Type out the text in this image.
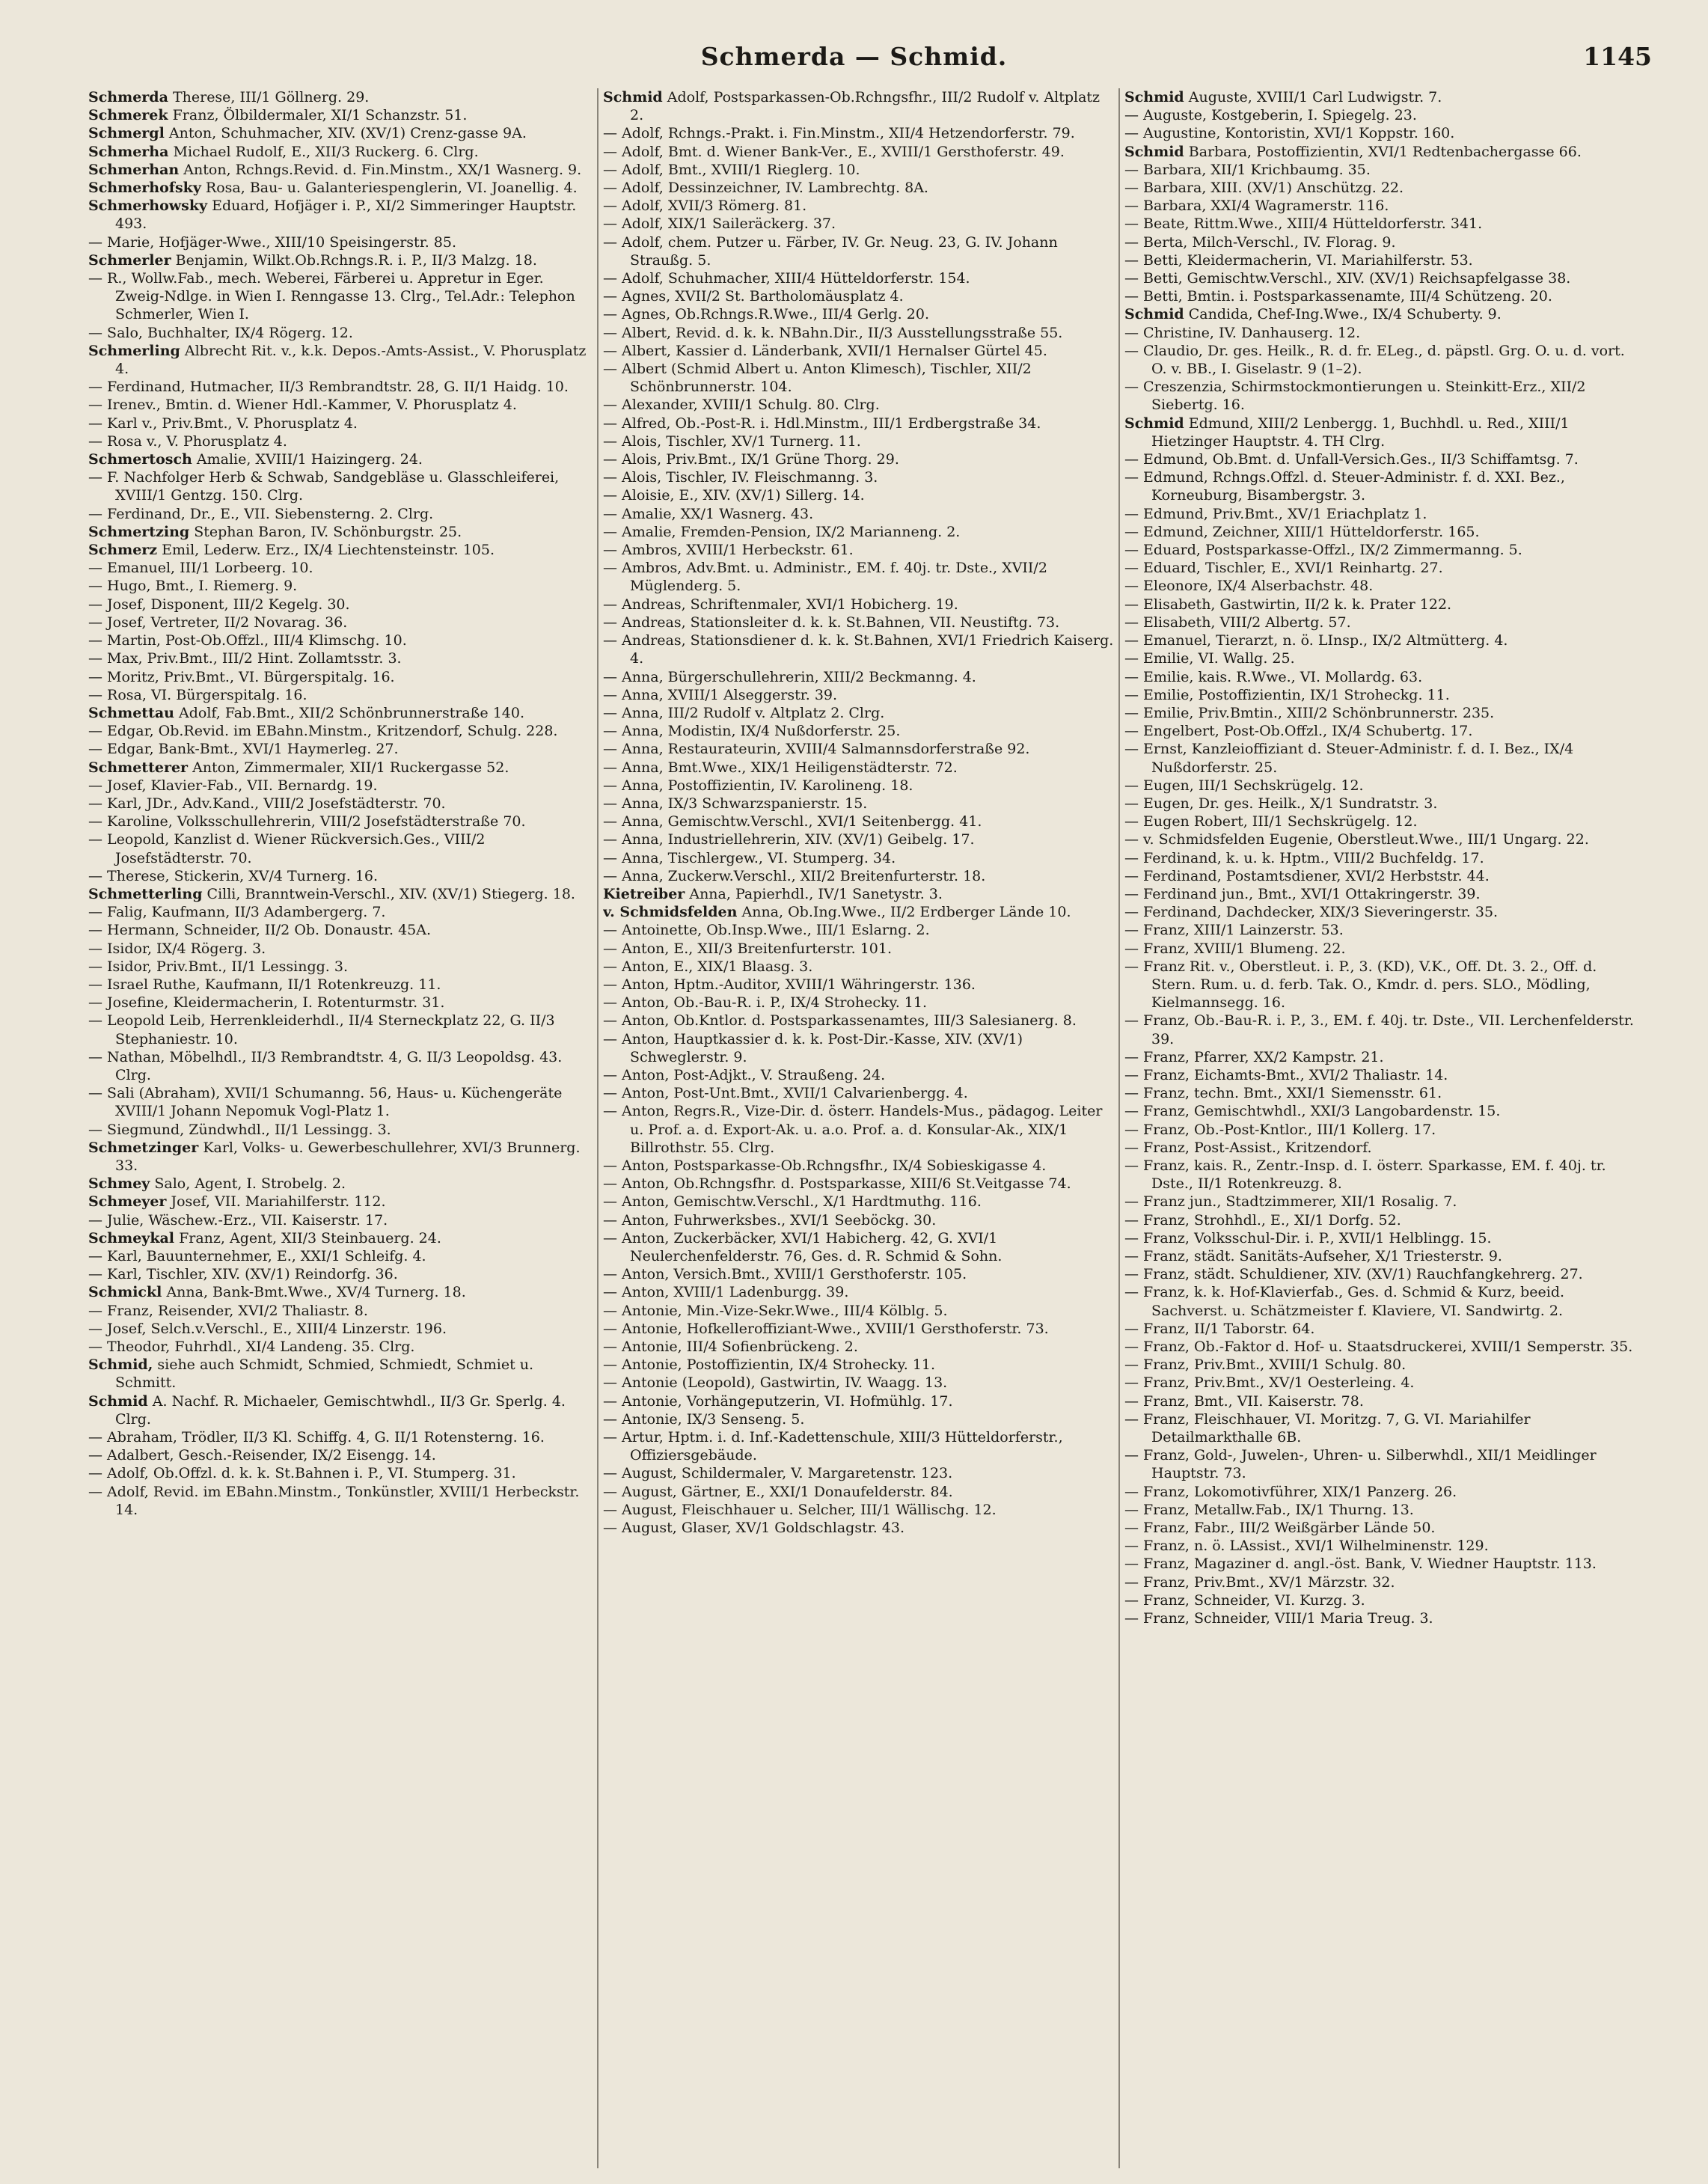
Schmerda — Schmid.	1145

Schmerda Therese, III/1 Göllnerg. 29.

Schmerek Franz, Ölbildermaler, XI/1 Schanzstr. 51.

Schmergl Anton, Schuhmacher, XIV. (XV/1) Crenz-gasse 9A.

Schmerha Michael Rudolf, E., XII/3 Ruckerg. 6. Clrg.

Schmerhan Anton, Rchngs.Revid. d. Fin.Minstm., XX/1 Wasnerg. 9.

Schmerhofsky Rosa, Bau- u. Galanteriespenglerin, VI. Joanellig. 4.

Schmerhowsky Eduard, Hofjäger i. P., XI/2 Simmeringer Hauptstr. 493.

— Marie, Hofjäger-Wwe., XIII/10 Speisingerstr. 85.

Schmerler Benjamin, Wilkt.Ob.Rchngs.R. i. P., II/3 Malzg. 18.

— R., Wollw.Fab., mech. Weberei, Färberei u. Appretur in Eger. Zweig-Ndlge. in Wien I. Renngasse 13. Clrg., Tel.Adr.: Telephon Schmerler, Wien I.

— Salo, Buchhalter, IX/4 Rögerg. 12.

Schmerling Albrecht Rit. v., k.k. Depos.-Amts-Assist., V. Phorusplatz 4.

— Ferdinand, Hutmacher, II/3 Rembrandtstr. 28, G. II/1 Haidg. 10.

— Irenev., Bmtin. d. Wiener Hdl.-Kammer, V. Phorusplatz 4.

— Karl v., Priv.Bmt., V. Phorusplatz 4.

— Rosa v., V. Phorusplatz 4.

Schmertosch Amalie, XVIII/1 Haizingerg. 24.

— F. Nachfolger Herb & Schwab, Sandgebläse u. Glasschleiferei, XVIII/1 Gentzg. 150. Clrg.

— Ferdinand, Dr., E., VII. Siebensterng. 2. Clrg.

Schmertzing Stephan Baron, IV. Schönburgstr. 25.

Schmerz Emil, Lederw. Erz., IX/4 Liechtensteinstr. 105.

— Emanuel, III/1 Lorbeerg. 10.

— Hugo, Bmt., I. Riemerg. 9.

— Josef, Disponent, III/2 Kegelg. 30.

— Josef, Vertreter, II/2 Novarag. 36.

— Martin, Post-Ob.Offzl., III/4 Klimschg. 10.

— Max, Priv.Bmt., III/2 Hint. Zollamtsstr. 3.

— Moritz, Priv.Bmt., VI. Bürgerspitalg. 16.

— Rosa, VI. Bürgerspitalg. 16.

Schmettau Adolf, Fab.Bmt., XII/2 Schönbrunnerstraße 140.

— Edgar, Ob.Revid. im EBahn.Minstm., Kritzendorf, Schulg. 228.

— Edgar, Bank-Bmt., XVI/1 Haymerleg. 27.

Schmetterer Anton, Zimmermaler, XII/1 Ruckergasse 52.

— Josef, Klavier-Fab., VII. Bernardg. 19.

— Karl, JDr., Adv.Kand., VIII/2 Josefstädterstr. 70.

— Karoline, Volksschullehrerin, VIII/2 Josefstädterstraße 70.

— Leopold, Kanzlist d. Wiener Rückversich.Ges., VIII/2 Josefstädterstr. 70.

— Therese, Stickerin, XV/4 Turnerg. 16.

Schmetterling Cilli, Branntwein-Verschl., XIV. (XV/1) Stiegerg. 18.

— Falig, Kaufmann, II/3 Adambergerg. 7.

— Hermann, Schneider, II/2 Ob. Donaustr. 45A.

— Isidor, IX/4 Rögerg. 3.

— Isidor, Priv.Bmt., II/1 Lessingg. 3.

— Israel Ruthe, Kaufmann, II/1 Rotenkreuzg. 11.

— Josefine, Kleidermacherin, I. Rotenturmstr. 31.

— Leopold Leib, Herrenkleiderhdl., II/4 Sterneckplatz 22, G. II/3 Stephaniestr. 10.

— Nathan, Möbelhdl., II/3 Rembrandtstr. 4, G. II/3 Leopoldsg. 43. Clrg.

— Sali (Abraham), XVII/1 Schumanng. 56, Haus- u. Küchengeräte XVIII/1 Johann Nepomuk Vogl-Platz 1.

— Siegmund, Zündwhdl., II/1 Lessingg. 3.

Schmetzinger Karl, Volks- u. Gewerbeschullehrer, XVI/3 Brunnerg. 33.

Schmey Salo, Agent, I. Strobelg. 2.

Schmeyer Josef, VII. Mariahilferstr. 112.

— Julie, Wäschew.-Erz., VII. Kaiserstr. 17.

Schmeykal Franz, Agent, XII/3 Steinbauerg. 24.

— Karl, Bauunternehmer, E., XXI/1 Schleifg. 4.

— Karl, Tischler, XIV. (XV/1) Reindorfg. 36.

Schmickl Anna, Bank-Bmt.Wwe., XV/4 Turnerg. 18.

— Franz, Reisender, XVI/2 Thaliastr. 8.

— Josef, Selch.v.Verschl., E., XIII/4 Linzerstr. 196.

— Theodor, Fuhrhdl., XI/4 Landeng. 35. Clrg.

Schmid, siehe auch Schmidt, Schmied, Schmiedt, Schmiet u. Schmitt.

Schmid A. Nachf. R. Michaeler, Gemischtwhdl., II/3 Gr. Sperlg. 4. Clrg.

— Abraham, Trödler, II/3 Kl. Schiffg. 4, G. II/1 Rotensterng. 16.

— Adalbert, Gesch.-Reisender, IX/2 Eisengg. 14.

— Adolf, Ob.Offzl. d. k. k. St.Bahnen i. P., VI. Stumperg. 31.

— Adolf, Revid. im EBahn.Minstm., Tonkünstler, XVIII/1 Herbeckstr. 14.

Schmid Adolf, Postsparkassen-Ob.Rchngsfhr., III/2 Rudolf v. Altplatz 2.

— Adolf, Rchngs.-Prakt. i. Fin.Minstm., XII/4 Hetzendorferstr. 79.

— Adolf, Bmt. d. Wiener Bank-Ver., E., XVIII/1 Gersthoferstr. 49.

— Adolf, Bmt., XVIII/1 Rieglerg. 10.

— Adolf, Dessinzeichner, IV. Lambrechtg. 8A.

— Adolf, XVII/3 Römerg. 81.

— Adolf, XIX/1 Saileräckerg. 37.

— Adolf, chem. Putzer u. Färber, IV. Gr. Neug. 23, G. IV. Johann Straußg. 5.

— Adolf, Schuhmacher, XIII/4 Hütteldorferstr. 154.

— Agnes, XVII/2 St. Bartholomäusplatz 4.

— Agnes, Ob.Rchngs.R.Wwe., III/4 Gerlg. 20.

— Albert, Revid. d. k. k. NBahn.Dir., II/3 Ausstellungsstraße 55.

— Albert, Kassier d. Länderbank, XVII/1 Hernalser Gürtel 45.

— Albert (Schmid Albert u. Anton Klimesch), Tischler, XII/2 Schönbrunnerstr. 104.

— Alexander, XVIII/1 Schulg. 80. Clrg.

— Alfred, Ob.-Post-R. i. Hdl.Minstm., III/1 Erdbergstraße 34.

— Alois, Tischler, XV/1 Turnerg. 11.

— Alois, Priv.Bmt., IX/1 Grüne Thorg. 29.

— Alois, Tischler, IV. Fleischmanng. 3.

— Aloisie, E., XIV. (XV/1) Sillerg. 14.

— Amalie, XX/1 Wasnerg. 43.

— Amalie, Fremden-Pension, IX/2 Marianneng. 2.

— Ambros, XVIII/1 Herbeckstr. 61.

— Ambros, Adv.Bmt. u. Administr., EM. f. 40j. tr. Dste., XVII/2 Müglenderg. 5.

— Andreas, Schriftenmaler, XVI/1 Hobicherg. 19.

— Andreas, Stationsleiter d. k. k. St.Bahnen, VII. Neustiftg. 73.

— Andreas, Stationsdiener d. k. k. St.Bahnen, XVI/1 Friedrich Kaiserg. 4.

— Anna, Bürgerschullehrerin, XIII/2 Beckmanng. 4.

— Anna, XVIII/1 Alseggerstr. 39.

— Anna, III/2 Rudolf v. Altplatz 2. Clrg.

— Anna, Modistin, IX/4 Nußdorferstr. 25.

— Anna, Restaurateurin, XVIII/4 Salmannsdorferstraße 92.

— Anna, Bmt.Wwe., XIX/1 Heiligenstädterstr. 72.

— Anna, Postoffizientin, IV. Karolineng. 18.

— Anna, IX/3 Schwarzspanierstr. 15.

— Anna, Gemischtw.Verschl., XVI/1 Seitenbergg. 41.

— Anna, Industriellehrerin, XIV. (XV/1) Geibelg. 17.

— Anna, Tischlergew., VI. Stumperg. 34.

— Anna, Zuckerw.Verschl., XII/2 Breitenfurterstr. 18.

Kietreiber Anna, Papierhdl., IV/1 Sanetystr. 3.

v. Schmidsfelden Anna, Ob.Ing.Wwe., II/2 Erdberger Lände 10.

— Antoinette, Ob.Insp.Wwe., III/1 Eslarng. 2.

— Anton, E., XII/3 Breitenfurterstr. 101.

— Anton, E., XIX/1 Blaasg. 3.

— Anton, Hptm.-Auditor, XVIII/1 Währingerstr. 136.

— Anton, Ob.-Bau-R. i. P., IX/4 Strohecky. 11.

— Anton, Ob.Kntlor. d. Postsparkassenamtes, III/3 Salesianerg. 8.

— Anton, Hauptkassier d. k. k. Post-Dir.-Kasse, XIV. (XV/1) Schweglerstr. 9.

— Anton, Post-Adjkt., V. Straußeng. 24.

— Anton, Post-Unt.Bmt., XVII/1 Calvarienbergg. 4.

— Anton, Regrs.R., Vize-Dir. d. österr. Handels-Mus., pädagog. Leiter u. Prof. a. d. Export-Ak. u. a.o. Prof. a. d. Konsular-Ak., XIX/1 Billrothstr. 55. Clrg.

— Anton, Postsparkasse-Ob.Rchngsfhr., IX/4 Sobieskigasse 4.

— Anton, Ob.Rchngsfhr. d. Postsparkasse, XIII/6 St.Veitgasse 74.

— Anton, Gemischtw.Verschl., X/1 Hardtmuthg. 116.

— Anton, Fuhrwerksbes., XVI/1 Seeböckg. 30.

— Anton, Zuckerbäcker, XVI/1 Habicherg. 42, G. XVI/1 Neulerchenfelderstr. 76, Ges. d. R. Schmid & Sohn.

— Anton, Versich.Bmt., XVIII/1 Gersthoferstr. 105.

— Anton, XVIII/1 Ladenburgg. 39.

— Antonie, Min.-Vize-Sekr.Wwe., III/4 Kölblg. 5.

— Antonie, Hofkelleroffiziant-Wwe., XVIII/1 Gersthoferstr. 73.

— Antonie, III/4 Sofienbrückeng. 2.

— Antonie, Postoffizientin, IX/4 Strohecky. 11.

— Antonie (Leopold), Gastwirtin, IV. Waagg. 13.

— Antonie, Vorhängeputzerin, VI. Hofmühlg. 17.

— Antonie, IX/3 Senseng. 5.

— Artur, Hptm. i. d. Inf.-Kadettenschule, XIII/3 Hütteldorferstr., Offiziersgebäude.

— August, Schildermaler, V. Margaretenstr. 123.

— August, Gärtner, E., XXI/1 Donaufelderstr. 84.

— August, Fleischhauer u. Selcher, III/1 Wällischg. 12.

— August, Glaser, XV/1 Goldschlagstr. 43.

Schmid Auguste, XVIII/1 Carl Ludwigstr. 7.

— Auguste, Kostgeberin, I. Spiegelg. 23.

— Augustine, Kontoristin, XVI/1 Koppstr. 160.

Schmid Barbara, Postoffizientin, XVI/1 Redtenbachergasse 66.

— Barbara, XII/1 Krichbaumg. 35.

— Barbara, XIII. (XV/1) Anschützg. 22.

— Barbara, XXI/4 Wagramerstr. 116.

— Beate, Rittm.Wwe., XIII/4 Hütteldorferstr. 341.

— Berta, Milch-Verschl., IV. Florag. 9.

— Betti, Kleidermacherin, VI. Mariahilferstr. 53.

— Betti, Gemischtw.Verschl., XIV. (XV/1) Reichsapfelgasse 38.

— Betti, Bmtin. i. Postsparkassenamte, III/4 Schützeng. 20.

Schmid Candida, Chef-Ing.Wwe., IX/4 Schuberty. 9.

— Christine, IV. Danhauserg. 12.

— Claudio, Dr. ges. Heilk., R. d. fr. ELeg., d. päpstl. Grg. O. u. d. vort. O. v. BB., I. Giselastr. 9 (1–2).

— Creszenzia, Schirmstockmontierungen u. Steinkitt-Erz., XII/2 Siebertg. 16.

Schmid Edmund, XIII/2 Lenbergg. 1, Buchhdl. u. Red., XIII/1 Hietzinger Hauptstr. 4. TH Clrg.

— Edmund, Ob.Bmt. d. Unfall-Versich.Ges., II/3 Schiffamtsg. 7.

— Edmund, Rchngs.Offzl. d. Steuer-Administr. f. d. XXI. Bez., Korneuburg, Bisambergstr. 3.

— Edmund, Priv.Bmt., XV/1 Eriachplatz 1.

— Edmund, Zeichner, XIII/1 Hütteldorferstr. 165.

— Eduard, Postsparkasse-Offzl., IX/2 Zimmermanng. 5.

— Eduard, Tischler, E., XVI/1 Reinhartg. 27.

— Eleonore, IX/4 Alserbachstr. 48.

— Elisabeth, Gastwirtin, II/2 k. k. Prater 122.

— Elisabeth, VIII/2 Albertg. 57.

— Emanuel, Tierarzt, n. ö. LInsp., IX/2 Altmütterg. 4.

— Emilie, VI. Wallg. 25.

— Emilie, kais. R.Wwe., VI. Mollardg. 63.

— Emilie, Postoffizientin, IX/1 Stroheckg. 11.

— Emilie, Priv.Bmtin., XIII/2 Schönbrunnerstr. 235.

— Engelbert, Post-Ob.Offzl., IX/4 Schubertg. 17.

— Ernst, Kanzleioffiziant d. Steuer-Administr. f. d. I. Bez., IX/4 Nußdorferstr. 25.

— Eugen, III/1 Sechskrügelg. 12.

— Eugen, Dr. ges. Heilk., X/1 Sundratstr. 3.

— Eugen Robert, III/1 Sechskrügelg. 12.

— v. Schmidsfelden Eugenie, Oberstleut.Wwe., III/1 Ungarg. 22.

— Ferdinand, k. u. k. Hptm., VIII/2 Buchfeldg. 17.

— Ferdinand, Postamtsdiener, XVI/2 Herbststr. 44.

— Ferdinand jun., Bmt., XVI/1 Ottakringerstr. 39.

— Ferdinand, Dachdecker, XIX/3 Sieveringerstr. 35.

— Franz, XIII/1 Lainzerstr. 53.

— Franz, XVIII/1 Blumeng. 22.

— Franz Rit. v., Oberstleut. i. P., 3. (KD), V.K., Off. Dt. 3. 2., Off. d. Stern. Rum. u. d. ferb. Tak. O., Kmdr. d. pers. SLO., Mödling, Kielmannsegg. 16.

— Franz, Ob.-Bau-R. i. P., 3., EM. f. 40j. tr. Dste., VII. Lerchenfelderstr. 39.

— Franz, Pfarrer, XX/2 Kampstr. 21.

— Franz, Eichamts-Bmt., XVI/2 Thaliastr. 14.

— Franz, techn. Bmt., XXI/1 Siemensstr. 61.

— Franz, Gemischtwhdl., XXI/3 Langobardenstr. 15.

— Franz, Ob.-Post-Kntlor., III/1 Kollerg. 17.

— Franz, Post-Assist., Kritzendorf.

— Franz, kais. R., Zentr.-Insp. d. I. österr. Sparkasse, EM. f. 40j. tr. Dste., II/1 Rotenkreuzg. 8.

— Franz jun., Stadtzimmerer, XII/1 Rosalig. 7.

— Franz, Strohhdl., E., XI/1 Dorfg. 52.

— Franz, Volksschul-Dir. i. P., XVII/1 Helblingg. 15.

— Franz, städt. Sanitäts-Aufseher, X/1 Triesterstr. 9.

— Franz, städt. Schuldiener, XIV. (XV/1) Rauchfangkehrerg. 27.

— Franz, k. k. Hof-Klavierfab., Ges. d. Schmid & Kurz, beeid. Sachverst. u. Schätzmeister f. Klaviere, VI. Sandwirtg. 2.

— Franz, II/1 Taborstr. 64.

— Franz, Ob.-Faktor d. Hof- u. Staatsdruckerei, XVIII/1 Semperstr. 35.

— Franz, Priv.Bmt., XVIII/1 Schulg. 80.

— Franz, Priv.Bmt., XV/1 Oesterleing. 4.

— Franz, Bmt., VII. Kaiserstr. 78.

— Franz, Fleischhauer, VI. Moritzg. 7, G. VI. Mariahilfer Detailmarkthalle 6B.

— Franz, Gold-, Juwelen-, Uhren- u. Silberwhdl., XII/1 Meidlinger Hauptstr. 73.

— Franz, Lokomotivführer, XIX/1 Panzerg. 26.

— Franz, Metallw.Fab., IX/1 Thurng. 13.

— Franz, Fabr., III/2 Weißgärber Lände 50.

— Franz, n. ö. LAssist., XVI/1 Wilhelminenstr. 129.

— Franz, Magaziner d. angl.-öst. Bank, V. Wiedner Hauptstr. 113.

— Franz, Priv.Bmt., XV/1 Märzstr. 32.

— Franz, Schneider, VI. Kurzg. 3.

— Franz, Schneider, VIII/1 Maria Treug. 3.
